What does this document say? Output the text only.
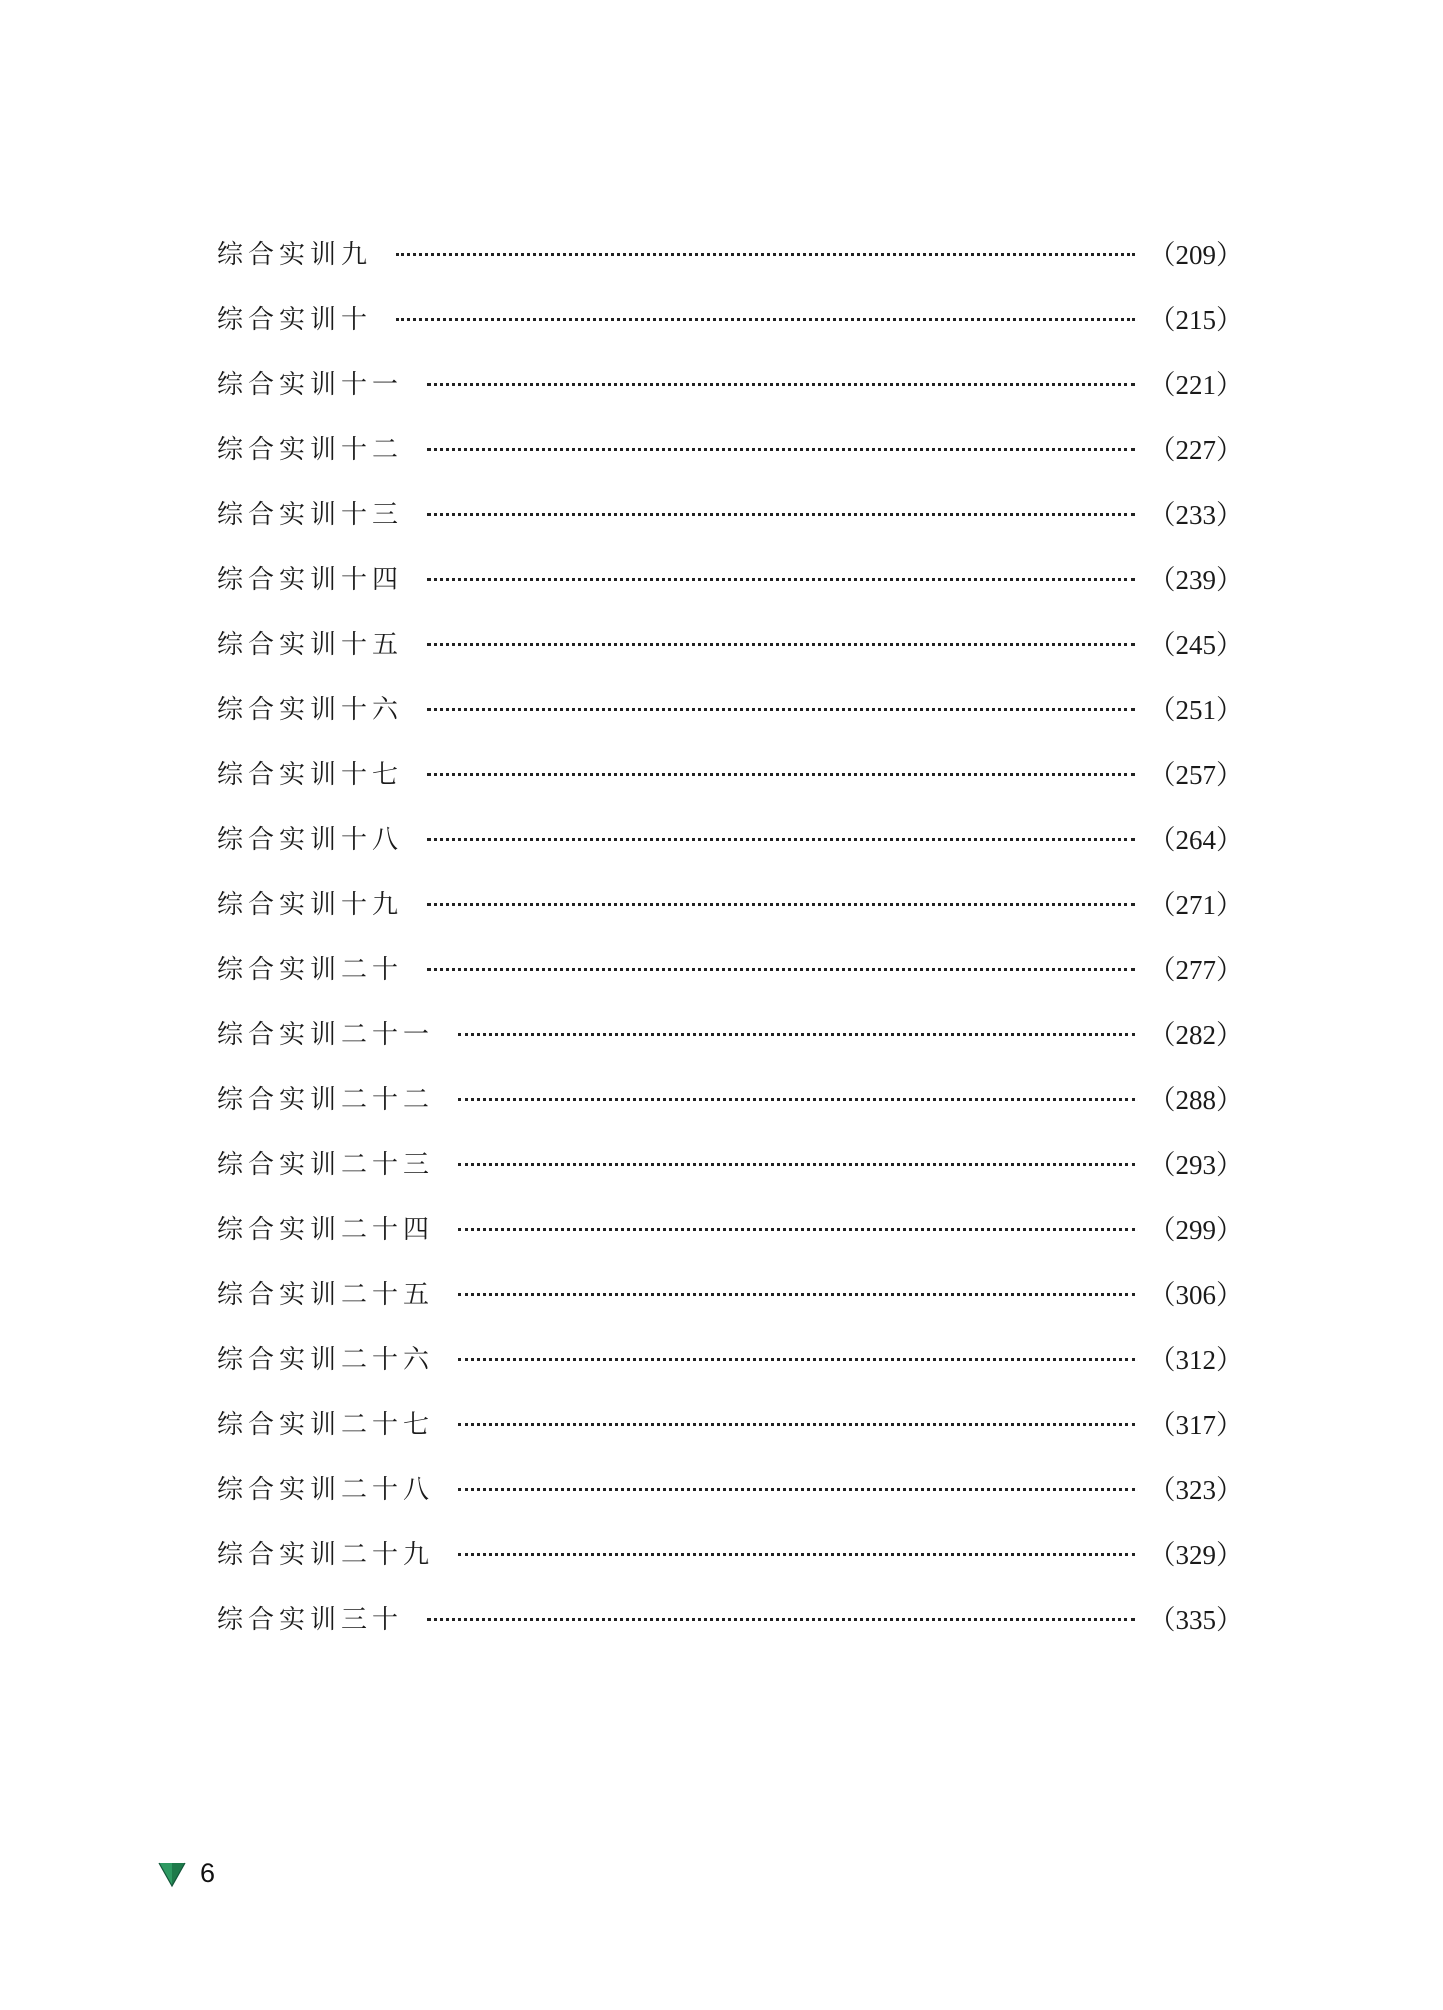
综合实训九	（209）
综合实训十	（215）
综合实训十一	（221）
综合实训十二	（227）
综合实训十三	（233）
综合实训十四	（239）
综合实训十五	（245）
综合实训十六	（251）
综合实训十七	（257）
综合实训十八	（264）
综合实训十九	（271）
综合实训二十	（277）
综合实训二十一	（282）
综合实训二十二	（288）
综合实训二十三	（293）
综合实训二十四	（299）
综合实训二十五	（306）
综合实训二十六	（312）
综合实训二十七	（317）
综合实训二十八	（323）
综合实训二十九	（329）
综合实训三十	（335）
6
